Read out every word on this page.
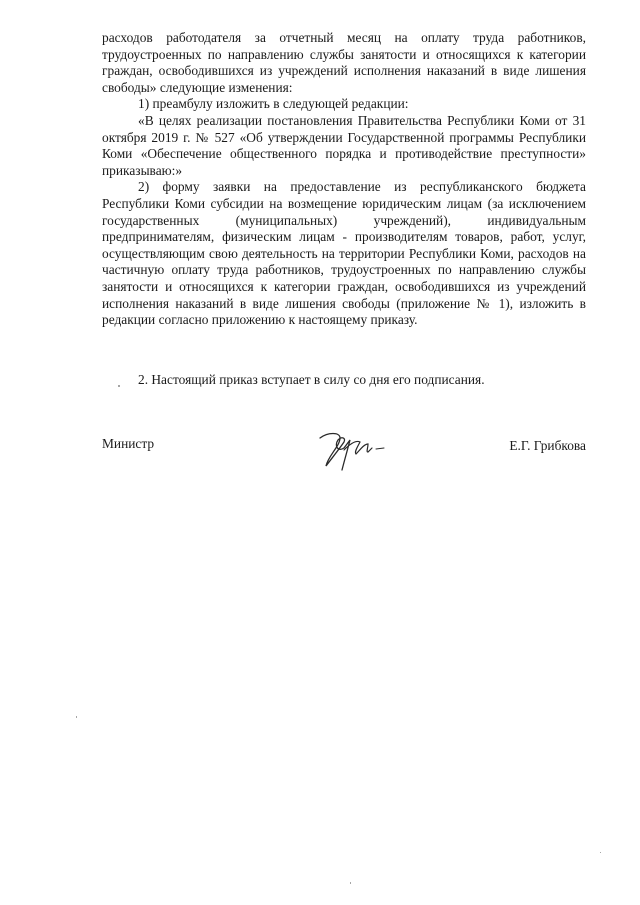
расходов работодателя за отчетный месяц на оплату труда работников, трудоустроенных по направлению службы занятости и относящихся к категории граждан, освободившихся из учреждений исполнения наказаний в виде лишения свободы» следующие изменения:

1) преамбулу изложить в следующей редакции:

«В целях реализации постановления Правительства Республики Коми от 31 октября 2019 г. № 527 «Об утверждении Государственной программы Республики Коми «Обеспечение общественного порядка и противодействие преступности» приказываю:»

2) форму заявки на предоставление из республиканского бюджета Республики Коми субсидии на возмещение юридическим лицам (за исключением государственных (муниципальных) учреждений), индивидуальным предпринимателям, физическим лицам - производителям товаров, работ, услуг, осуществляющим свою деятельность на территории Республики Коми, расходов на частичную оплату труда работников, трудоустроенных по направлению службы занятости и относящихся к категории граждан, освободившихся из учреждений исполнения наказаний в виде лишения свободы (приложение № 1), изложить в редакции согласно приложению к настоящему приказу.

2. Настоящий приказ вступает в силу со дня его подписания.

Министр	Е.Г. Грибкова
